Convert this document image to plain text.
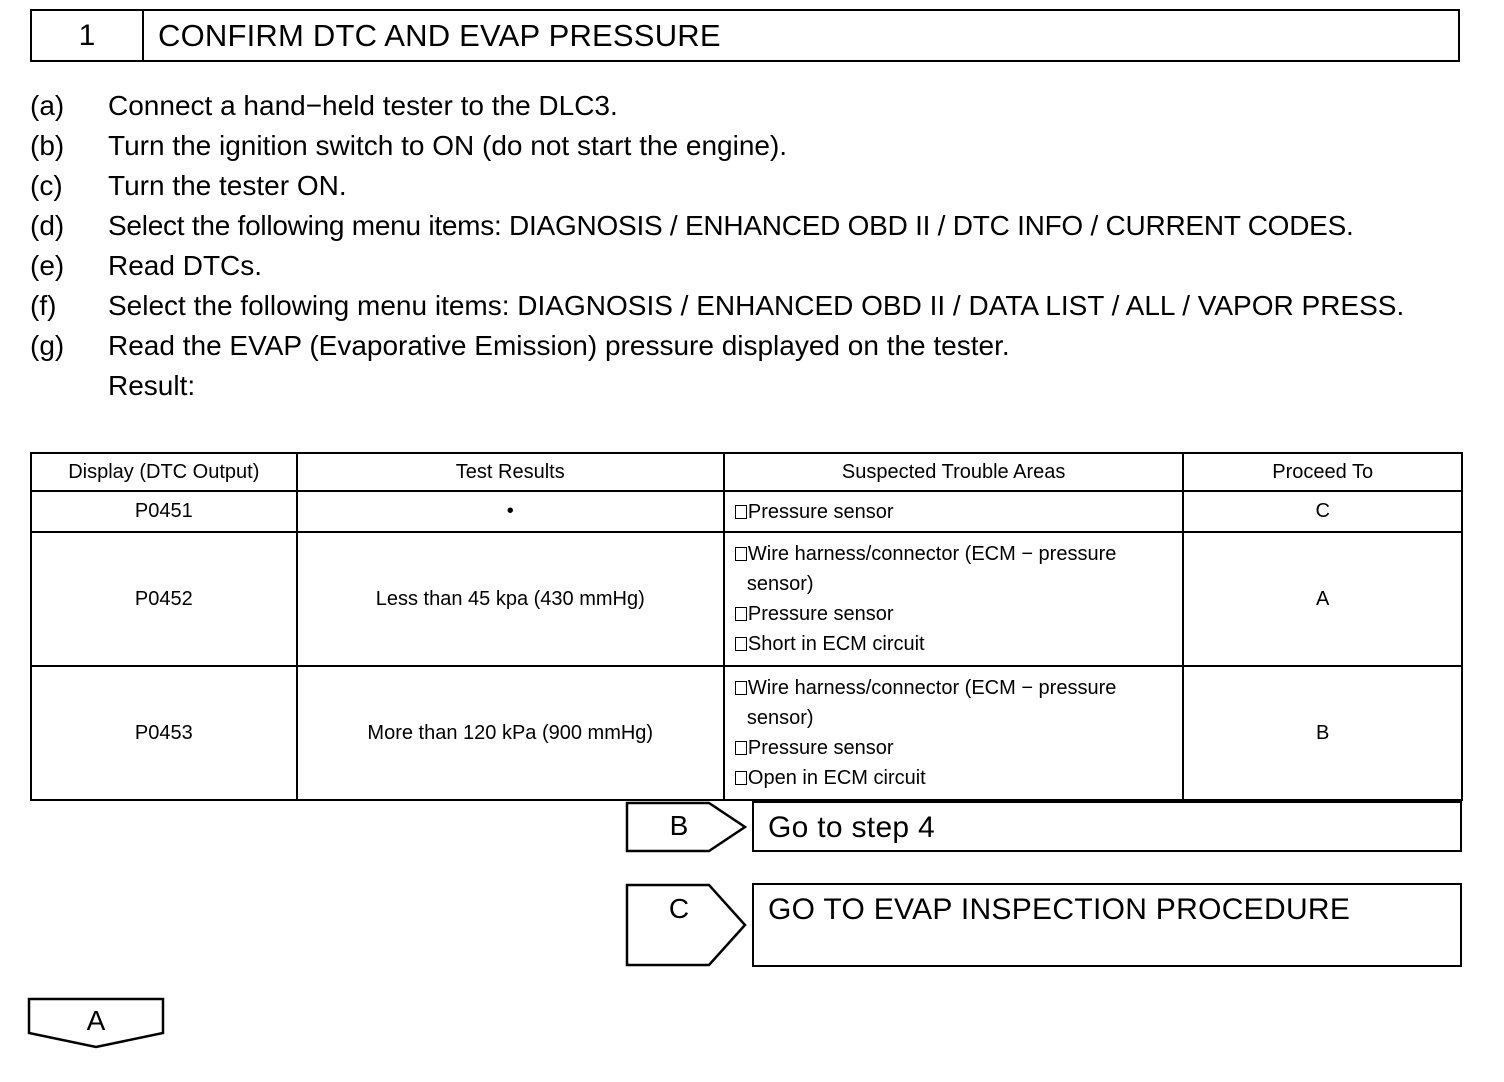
1	CONFIRM DTC AND EVAP PRESSURE
(a)	Connect a hand−held tester to the DLC3.
(b)	Turn the ignition switch to ON (do not start the engine).
(c)	Turn the tester ON.
(d)	Select the following menu items: DIAGNOSIS / ENHANCED OBD II / DTC INFO / CURRENT CODES.
(e)	Read DTCs.
(f)	Select the following menu items: DIAGNOSIS / ENHANCED OBD II / DATA LIST / ALL / VAPOR PRESS.
(g)	Read the EVAP (Evaporative Emission) pressure displayed on the tester.
Result:
Display (DTC Output)	Test Results	Suspected Trouble Areas	Proceed To
P0451	•	Pressure sensor	C
P0452	Less than 45 kpa (430 mmHg)	Wire harness/connector (ECM − pressure
sensor)
Pressure sensor
Short in ECM circuit	A
P0453	More than 120 kPa (900 mmHg)	Wire harness/connector (ECM − pressure
sensor)
Pressure sensor
Open in ECM circuit	B
B	Go to step 4
C	GO TO EVAP INSPECTION PROCEDURE
A
